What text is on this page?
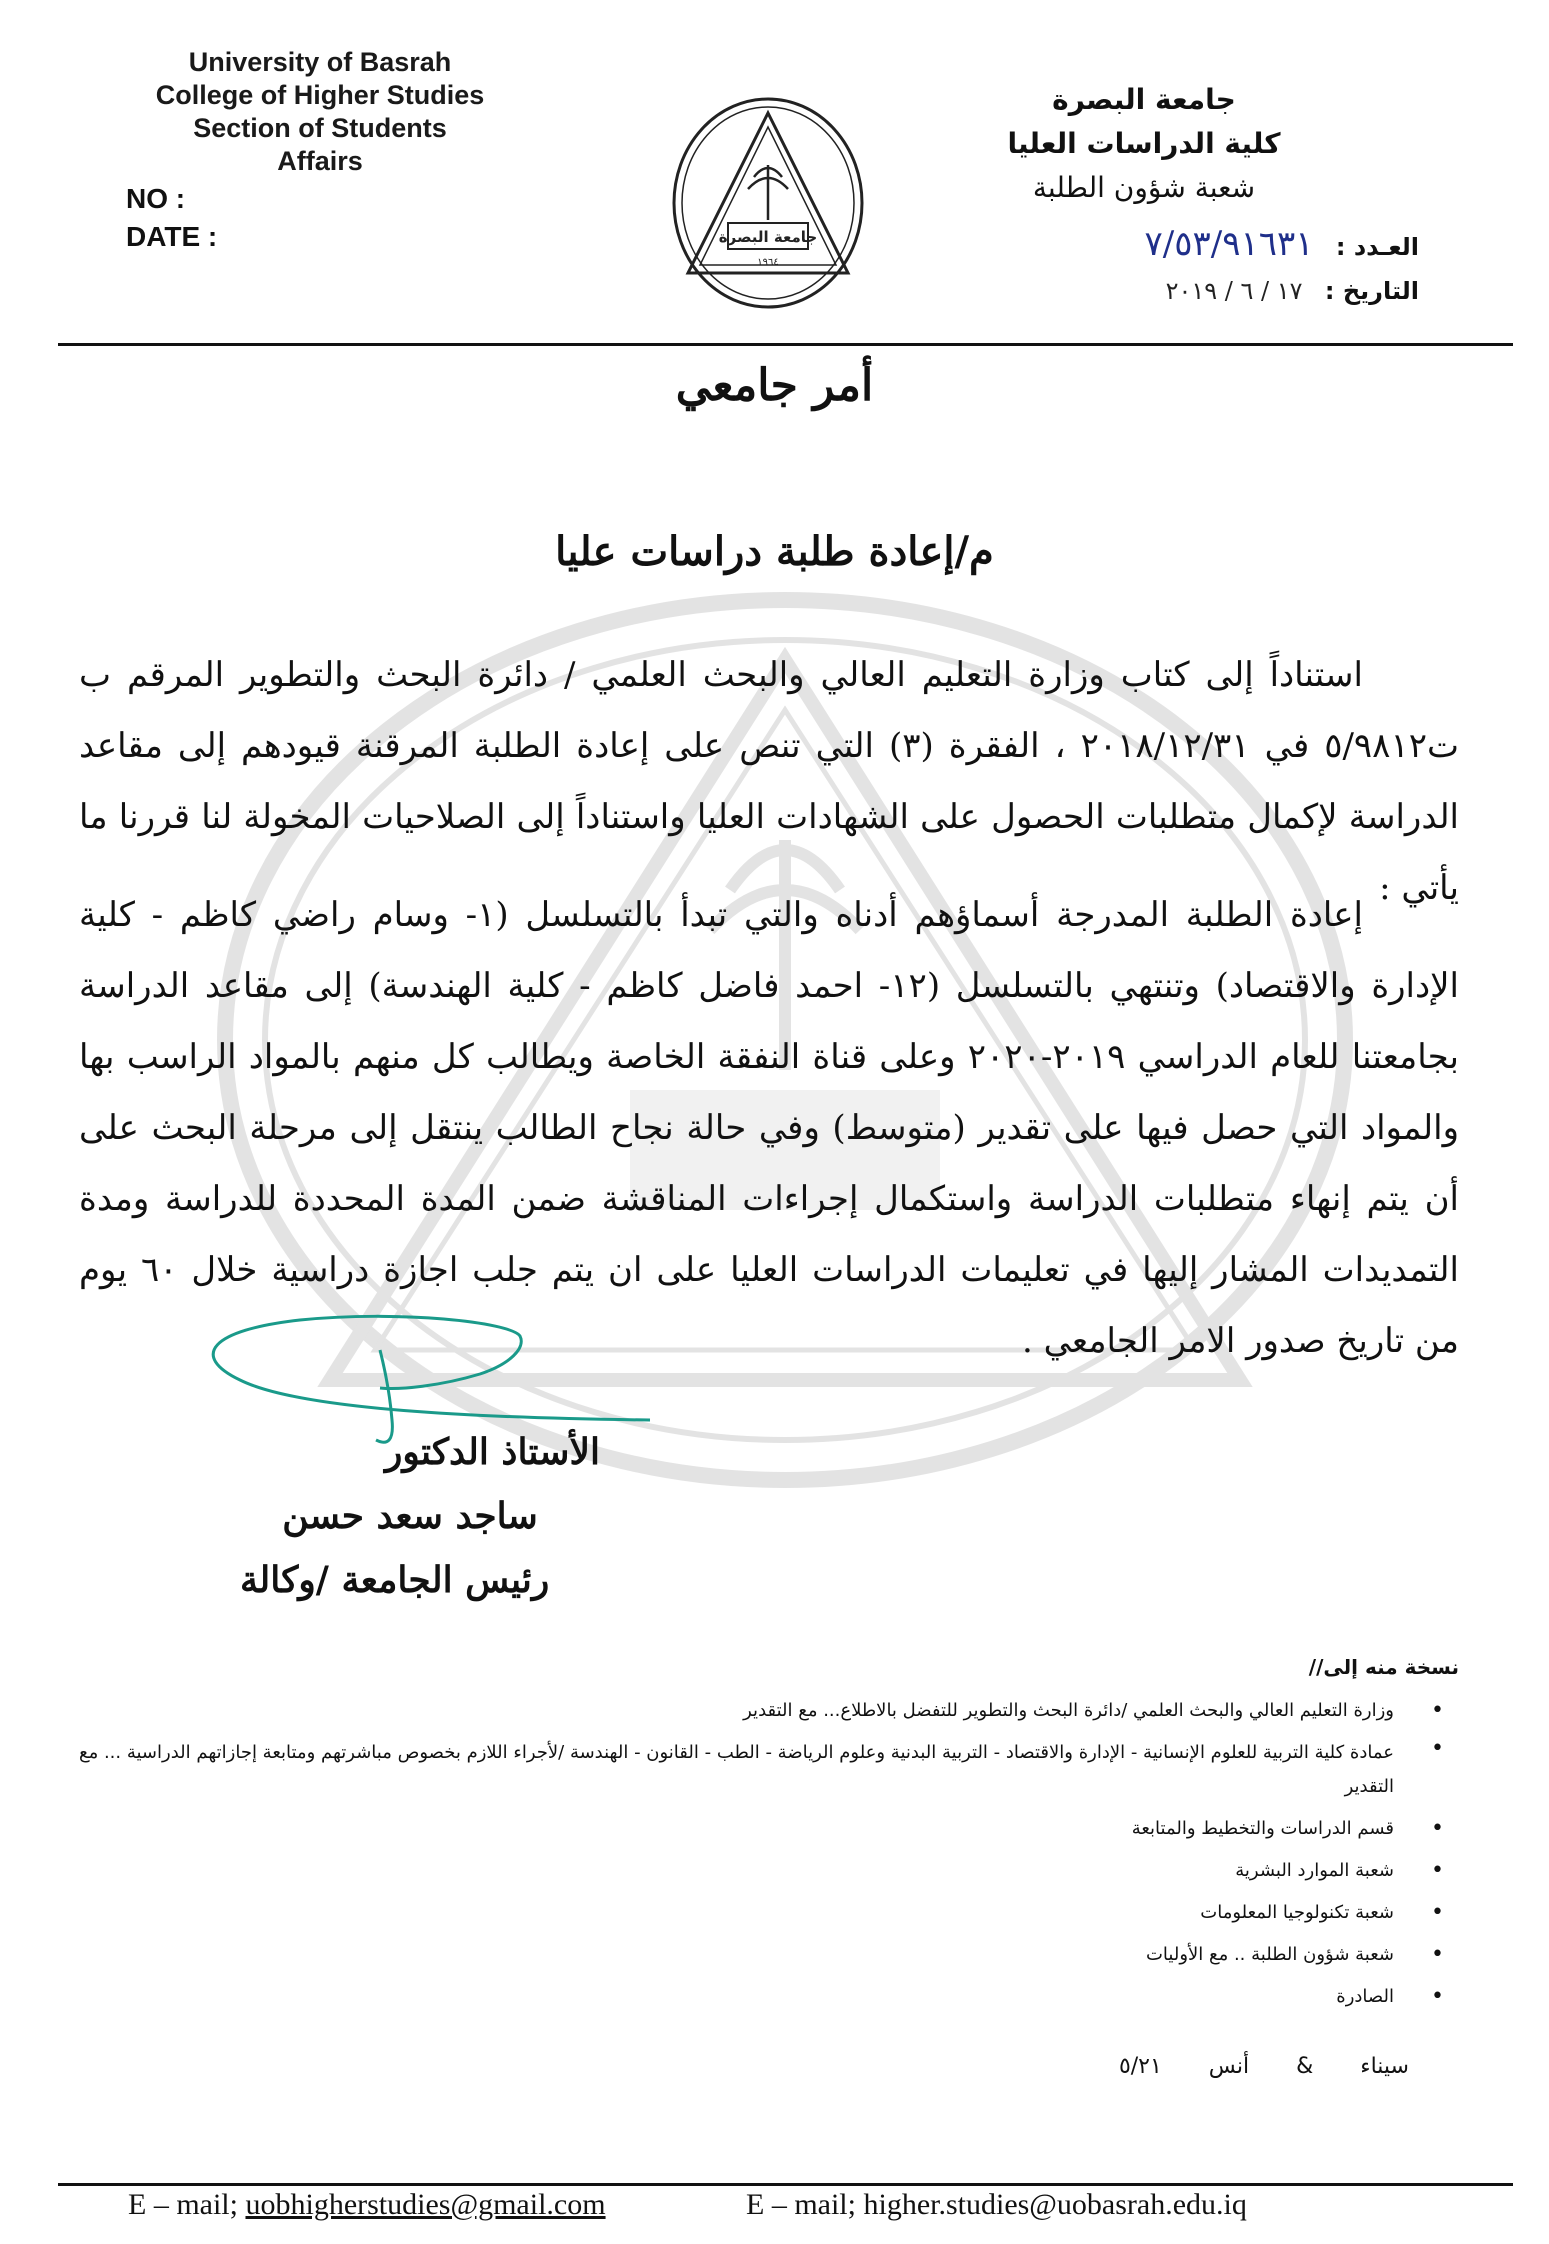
University of Basrah
College of Higher Studies
Section of Students
Affairs
NO :
DATE :	جامعة البصرة
١٩٦٤
جامعة البصرة
كلية الدراسات العليا
شعبة شؤون الطلبة
العـدد : ٧/٥٣/٩١٦٣١
التاريخ : ١٧ / ٦ / ٢٠١٩
أمر جامعي
م/إعادة طلبة دراسات عليا
استناداً إلى كتاب وزارة التعليم العالي والبحث العلمي / دائرة البحث والتطوير المرقم ب ت٥/٩٨١٢ في ٢٠١٨/١٢/٣١ ، الفقرة (٣) التي تنص على إعادة الطلبة المرقنة قيودهم إلى مقاعد الدراسة لإكمال متطلبات الحصول على الشهادات العليا واستناداً إلى الصلاحيات المخولة لنا قررنا ما يأتي :
إعادة الطلبة المدرجة أسماؤهم أدناه والتي تبدأ بالتسلسل (١- وسام راضي كاظم - كلية الإدارة والاقتصاد) وتنتهي بالتسلسل (١٢- احمد فاضل كاظم - كلية الهندسة) إلى مقاعد الدراسة بجامعتنا للعام الدراسي ٢٠١٩-٢٠٢٠ وعلى قناة النفقة الخاصة ويطالب كل منهم بالمواد الراسب بها والمواد التي حصل فيها على تقدير (متوسط) وفي حالة نجاح الطالب ينتقل إلى مرحلة البحث على أن يتم إنهاء متطلبات الدراسة واستكمال إجراءات المناقشة ضمن المدة المحددة للدراسة ومدة التمديدات المشار إليها في تعليمات الدراسات العليا على ان يتم جلب اجازة دراسية خلال ٦٠ يوم من تاريخ صدور الامر الجامعي .
الأستاذ الدكتور
ساجد سعد حسن
رئيس الجامعة /وكالة
نسخة منه إلى//
•
وزارة التعليم العالي والبحث العلمي /دائرة البحث والتطوير للتفضل بالاطلاع... مع التقدير
•
عمادة كلية التربية للعلوم الإنسانية - الإدارة والاقتصاد - التربية البدنية وعلوم الرياضة - الطب - القانون - الهندسة /لأجراء اللازم بخصوص مباشرتهم ومتابعة إجازاتهم الدراسية ... مع التقدير
•
قسم الدراسات والتخطيط والمتابعة
•
شعبة الموارد البشرية
•
شعبة تكنولوجيا المعلومات
•
شعبة شؤون الطلبة .. مع الأوليات
•
الصادرة
سيناء & أنس ٥/٢١
E – mail; uobhigherstudies@gmail.com	E – mail; higher.studies@uobasrah.edu.iq
